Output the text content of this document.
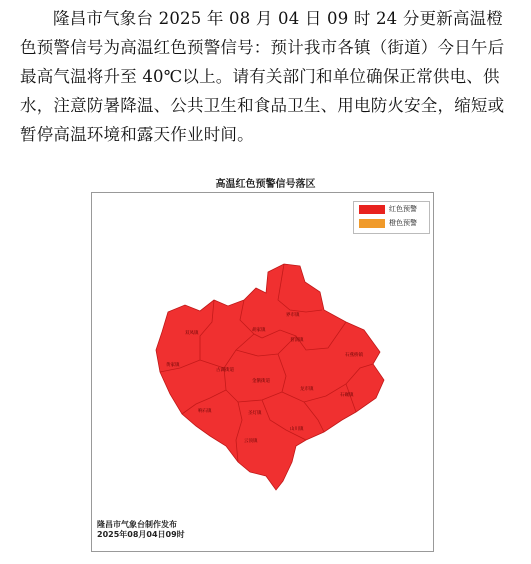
隆昌市气象台 2025 年 08 月 04 日 09 时 24 分更新高温橙色预警信号为高温红色预警信号：预计我市各镇（街道）今日午后最高气温将升至 40℃以上。请有关部门和单位确保正常供电、供水，注意防暑降温、公共卫生和食品卫生、用电防火安全，缩短或暂停高温环境和露天作业时间。

高温红色预警信号落区
界市镇
双凤镇
胡家镇
普润镇
石燕桥镇
黄家镇
古湖街道
金鹅街道
龙市镇
石碾镇
响石镇	圣灯镇
山川镇
云顶镇
红色预警
橙色预警
隆昌市气象台制作发布
2025年08月04日09时
